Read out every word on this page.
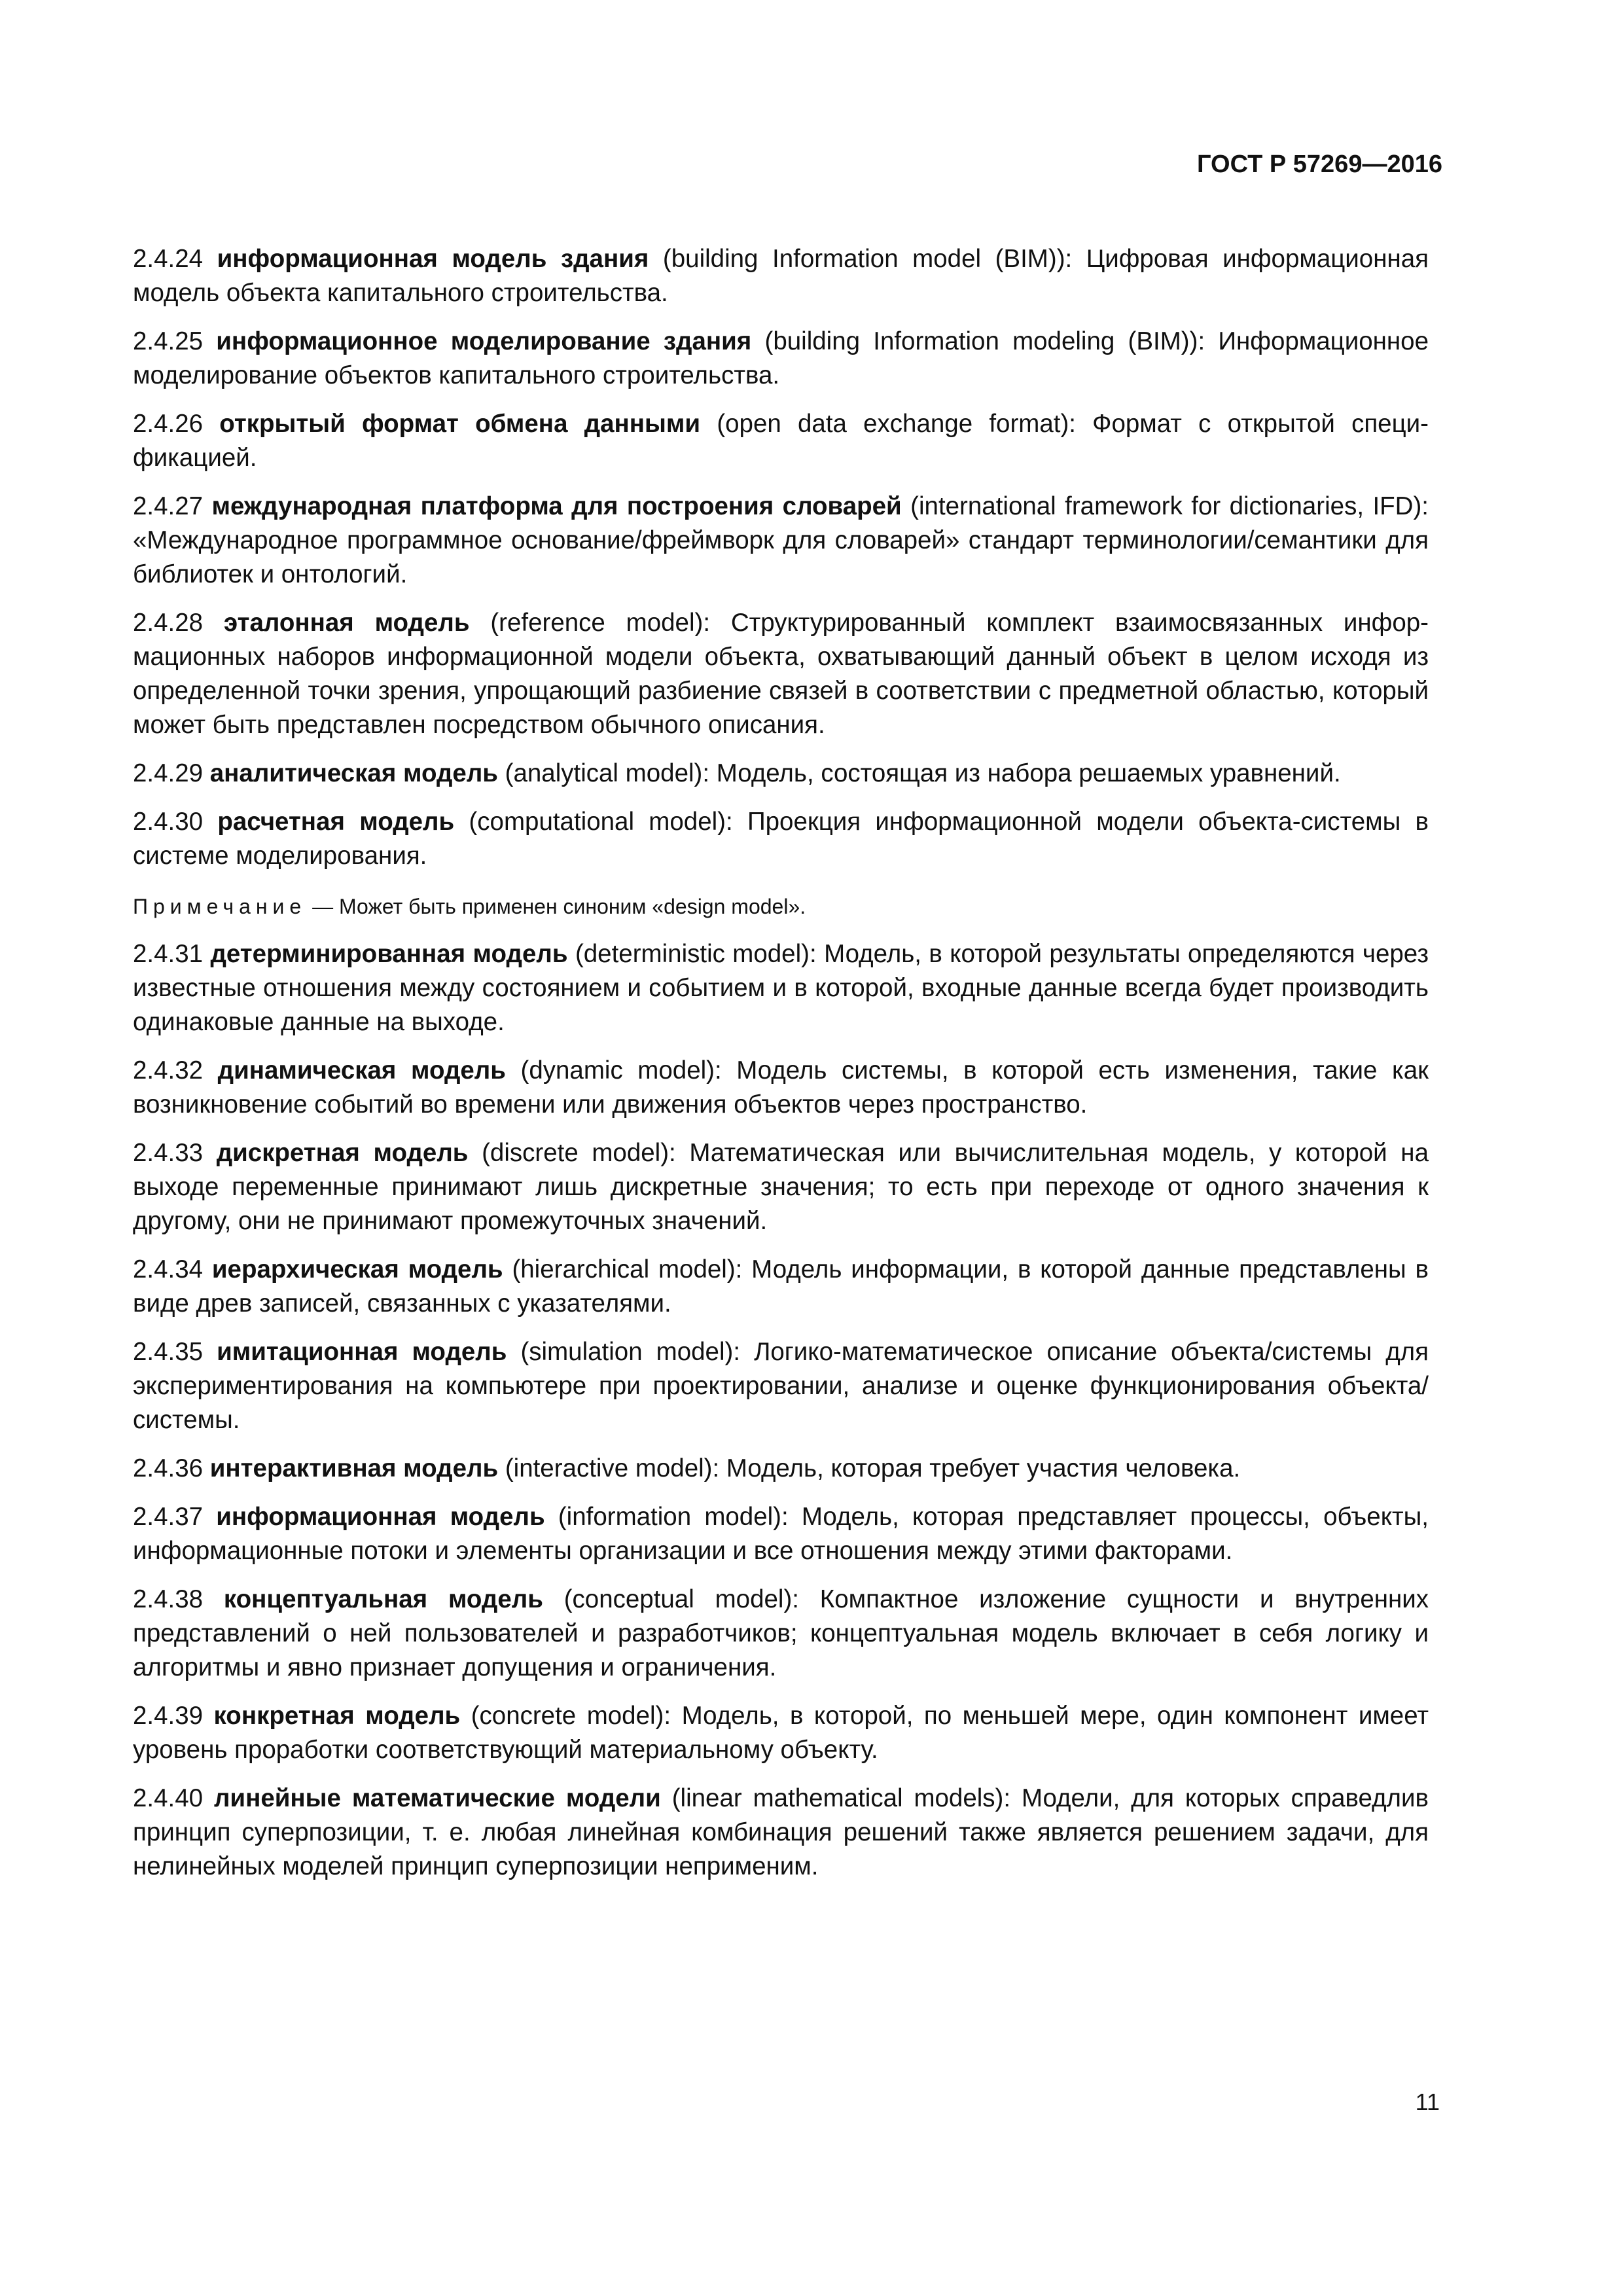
ГОСТ Р 57269—2016

2.4.24 информационная модель здания (building Information model (BIM)): Цифровая информационная модель объекта капитального строительства.

2.4.25 информационное моделирование здания (building Information modeling (BIM)): Информационное моделирование объектов капитального строительства.

2.4.26 открытый формат обмена данными (open data exchange format): Формат с открытой спецификацией.

2.4.27 международная платформа для построения словарей (international framework for dictionaries, IFD): «Международное программное основание/фреймворк для словарей» стандарт терминологии/семантики для библиотек и онтологий.

2.4.28 эталонная модель (reference model): Структурированный комплект взаимосвязанных информационных наборов информационной модели объекта, охватывающий данный объект в целом исходя из определенной точки зрения, упрощающий разбиение связей в соответствии с предметной областью, который может быть представлен посредством обычного описания.

2.4.29 аналитическая модель (analytical model): Модель, состоящая из набора решаемых уравнений.

2.4.30 расчетная модель (computational model): Проекция информационной модели объекта-системы в системе моделирования.

Примечание — Может быть применен синоним «design model».

2.4.31 детерминированная модель (deterministic model): Модель, в которой результаты определяются через известные отношения между состоянием и событием и в которой, входные данные всегда будет производить одинаковые данные на выходе.

2.4.32 динамическая модель (dynamic model): Модель системы, в которой есть изменения, такие как возникновение событий во времени или движения объектов через пространство.

2.4.33 дискретная модель (discrete model): Математическая или вычислительная модель, у которой на выходе переменные принимают лишь дискретные значения; то есть при переходе от одного значения к другому, они не принимают промежуточных значений.

2.4.34 иерархическая модель (hierarchical model): Модель информации, в которой данные представлены в виде древ записей, связанных с указателями.

2.4.35 имитационная модель (simulation model): Логико-математическое описание объекта/системы для экспериментирования на компьютере при проектировании, анализе и оценке функционирования объекта/системы.

2.4.36 интерактивная модель (interactive model): Модель, которая требует участия человека.

2.4.37 информационная модель (information model): Модель, которая представляет процессы, объекты, информационные потоки и элементы организации и все отношения между этими факторами.

2.4.38 концептуальная модель (conceptual model): Компактное изложение сущности и внутренних представлений о ней пользователей и разработчиков; концептуальная модель включает в себя логику и алгоритмы и явно признает допущения и ограничения.

2.4.39 конкретная модель (concrete model): Модель, в которой, по меньшей мере, один компонент имеет уровень проработки соответствующий материальному объекту.

2.4.40 линейные математические модели (linear mathematical models): Модели, для которых справедлив принцип суперпозиции, т. е. любая линейная комбинация решений также является решением задачи, для нелинейных моделей принцип суперпозиции неприменим.

11
